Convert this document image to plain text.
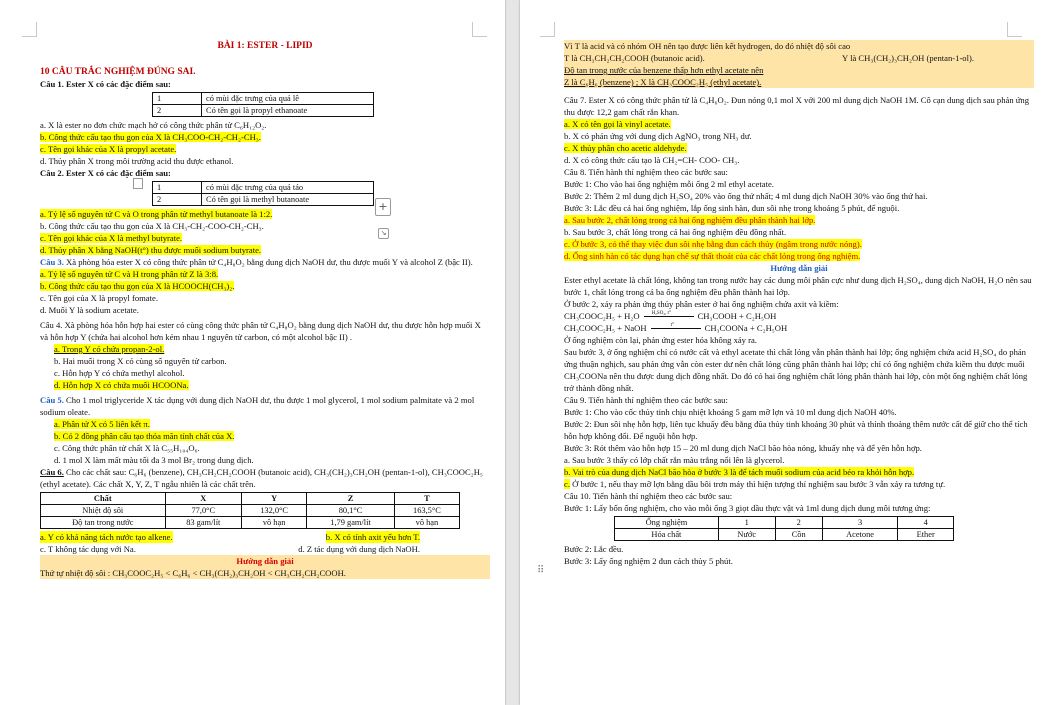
BÀI 1: ESTER - LIPID

10 CÂU TRẮC NGHIỆM ĐÚNG SAI.

Câu 1. Ester X có các đặc điểm sau:

1	có mùi đặc trưng của quả lê
2	Có tên gọi là propyl ethanoate

a. X là ester no đơn chức mạch hở có công thức phân tử C₆H₁₂O₂.

b. Công thức cấu tạo thu gọn của X là CH₃COO-CH₂-CH₂-CH₃.

c. Tên gọi khác của X là propyl acetate.

d. Thủy phân X trong môi trường acid thu được ethanol.

Câu 2. Ester X có các đặc điểm sau:

1	có mùi đặc trưng của quả táo
2	Có tên gọi là methyl butanoate

a. Tỷ lệ số nguyên tử C và O trong phân tử methyl butanoate là 1:2.

b. Công thức cấu tạo thu gọn của X là CH₃-CH₂-COO-CH₂-CH₃.

c. Tên gọi khác của X là methyl butyrate.

d. Thủy phân X bằng NaOH(t°) thu được muối sodium butyrate.

Câu 3. Xà phòng hóa ester X có công thức phân tử C₄H₈O₂ bằng dung dịch NaOH dư, thu được muối Y và alcohol Z (bậc II).

a. Tỷ lệ số nguyên tử C và H trong phân tử Z là 3:8.

b. Công thức cấu tạo thu gọn của X là HCOOCH(CH₃)₂.

c. Tên gọi của X là propyl fomate.

d. Muối Y là sodium acetate.

Câu 4. Xà phòng hóa hỗn hợp hai ester có cùng công thức phân tử C₄H₈O₂ bằng dung dịch NaOH dư, thu được hỗn hợp muối X và hỗn hợp Y (chứa hai alcohol hơn kém nhau 1 nguyên tử carbon, có một alcohol bậc II) .

a. Trong Y có chứa propan-2-ol.

b. Hai muối trong X có cùng số nguyên tử carbon.

c. Hỗn hợp Y có chứa methyl alcohol.

d. Hỗn hợp X có chứa muối HCOONa.

Câu 5. Cho 1 mol triglyceride X tác dụng với dung dịch NaOH dư, thu được 1 mol glycerol, 1 mol sodium palmitate và 2 mol sodium oleate.

a. Phân tử X có 5 liên kết π.

b. Có 2 đồng phân cấu tạo thỏa mãn tính chất của X.

c. Công thức phân tử chất X là C₅₅H₁₀₄O₆.

d. 1 mol X làm mất màu tối đa 3 mol Br₂ trong dung dịch.

Câu 6. Cho các chất sau: C₆H₆ (benzene), CH₃CH₂CH₂COOH (butanoic acid), CH₃(CH₂)₃CH₂OH (pentan-1-ol), CH₃COOC₂H₅ (ethyl acetate). Các chất X, Y, Z, T ngẫu nhiên là các chất trên.

Chất	X	Y	Z	T
Nhiệt độ sôi	77,0°C	132,0°C	80,1°C	163,5°C
Độ tan trong nước	83 gam/lít	vô hạn	1,79 gam/lít	vô hạn
a. Y có khả năng tách nước tạo alkene.	b. X có tính axit yếu hơn T.
c. T không tác dụng với Na.	d. Z tác dụng với dung dịch NaOH.

Hướng dẫn giải

Thứ tự nhiệt độ sôi : CH₃COOC₂H₅ < C₆H₆ < CH₃(CH₂)₃CH₂OH < CH₃CH₂CH₂COOH.

+
↘

Vì T là acid và có nhóm OH nên tạo được liên kết hydrogen, do đó nhiệt độ sôi cao

T là CH₃CH₂CH₂COOH (butanoic acid).	Y là CH₃(CH₂)₃CH₂OH (pentan-1-ol).

Độ tan trong nước của benzene thấp hơn ethyl acetate nên

Z là C₆H₆ (benzene) ; X là CH₃COOC₂H₅ (ethyl acetate).

Câu 7. Ester X có công thức phân tử là C₄H₆O₂. Đun nóng 0,1 mol X với 200 ml dung dịch NaOH 1M. Cô cạn dung dịch sau phản ứng thu được 12,2 gam chất rắn khan.

a. X có tên gọi là vinyl acetate.

b. X có phản ứng với dung dịch AgNO₃ trong NH₃ dư.

c. X thủy phân cho acetic aldehyde.

d. X có công thức cấu tạo là CH₂=CH- COO- CH₃.

Câu 8. Tiến hành thí nghiệm theo các bước sau:

Bước 1: Cho vào hai ống nghiệm mỗi ống 2 ml ethyl acetate.

Bước 2: Thêm 2 ml dung dịch H₂SO₄ 20% vào ống thứ nhất; 4 ml dung dịch NaOH 30% vào ống thứ hai.

Bước 3: Lắc đều cả hai ống nghiệm, lắp ống sinh hàn, đun sôi nhẹ trong khoảng 5 phút, để nguội.

a. Sau bước 2, chất lỏng trong cả hai ống nghiệm đều phân thành hai lớp.

b. Sau bước 3, chất lỏng trong cả hai ống nghiệm đều đồng nhất.

c. Ở bước 3, có thể thay việc đun sôi nhẹ bằng đun cách thủy (ngâm trong nước nóng).

d. Ống sinh hàn có tác dụng hạn chế sự thất thoát của các chất lỏng trong ống nghiệm.

Hướng dẫn giải

Ester ethyl acetate là chất lỏng, không tan trong nước hay các dung môi phân cực như dung dịch H₂SO₄, dung dịch NaOH, H₂O nên sau bước 1, chất lỏng trong cả ba ống nghiệm đều phân thành hai lớp.

Ở bước 2, xảy ra phản ứng thủy phân ester ở hai ống nghiệm chứa axit và kiềm:

CH₃COOC₂H₅ + H₂O H₂SO₄, t°	CH₃COOH + C₂H₅OH
CH₃COOC₂H₅ + NaOH	t°	CH₃COONa + C₂H₅OH

Ở ống nghiệm còn lại, phản ứng ester hóa không xảy ra.

Sau bước 3, ở ống nghiệm chỉ có nước cất và ethyl acetate thì chất lỏng vẫn phân thành hai lớp; ống nghiệm chứa acid H₂SO₄ do phản ứng thuận nghịch, sau phản ứng vẫn còn ester dư nên chất lỏng cũng phân thành hai lớp; chỉ có ống nghiệm chứa kiềm thu được muối CH₃COONa nên thu được dung dịch đồng nhất. Do đó có hai ống nghiệm chất lỏng phân thành hai lớp, còn một ống nghiệm chất lỏng trở thành đồng nhất.

Câu 9. Tiến hành thí nghiệm theo các bước sau:

Bước 1: Cho vào cốc thủy tinh chịu nhiệt khoảng 5 gam mỡ lợn và 10 ml dung dịch NaOH 40%.

Bước 2: Đun sôi nhẹ hỗn hợp, liên tục khuấy đều bằng đũa thủy tinh khoảng 30 phút và thỉnh thoảng thêm nước cất để giữ cho thể tích hỗn hợp không đổi. Để nguội hỗn hợp.

Bước 3: Rót thêm vào hỗn hợp 15 – 20 ml dung dịch NaCl bão hòa nóng, khuấy nhẹ và để yên hỗn hợp.

a. Sau bước 3 thấy có lớp chất rắn màu trắng nổi lên là glycerol.

b. Vai trò của dung dịch NaCl bão hòa ở bước 3 là để tách muối sodium của acid béo ra khỏi hỗn hợp.

c. Ở bước 1, nếu thay mỡ lợn bằng dầu bôi trơn máy thì hiện tượng thí nghiệm sau bước 3 vẫn xảy ra tương tự.

Câu 10. Tiến hành thí nghiệm theo các bước sau:

Bước 1: Lấy bốn ống nghiệm, cho vào mỗi ống 3 giọt dầu thực vật và 1ml dung dịch dung môi tương ứng:

Ống nghiệm	1	2	3	4
Hóa chất	Nước	Cồn	Acetone	Ether

Bước 2: Lắc đều.

Bước 3: Lấy ống nghiệm 2 đun cách thủy 5 phút.

⠿
